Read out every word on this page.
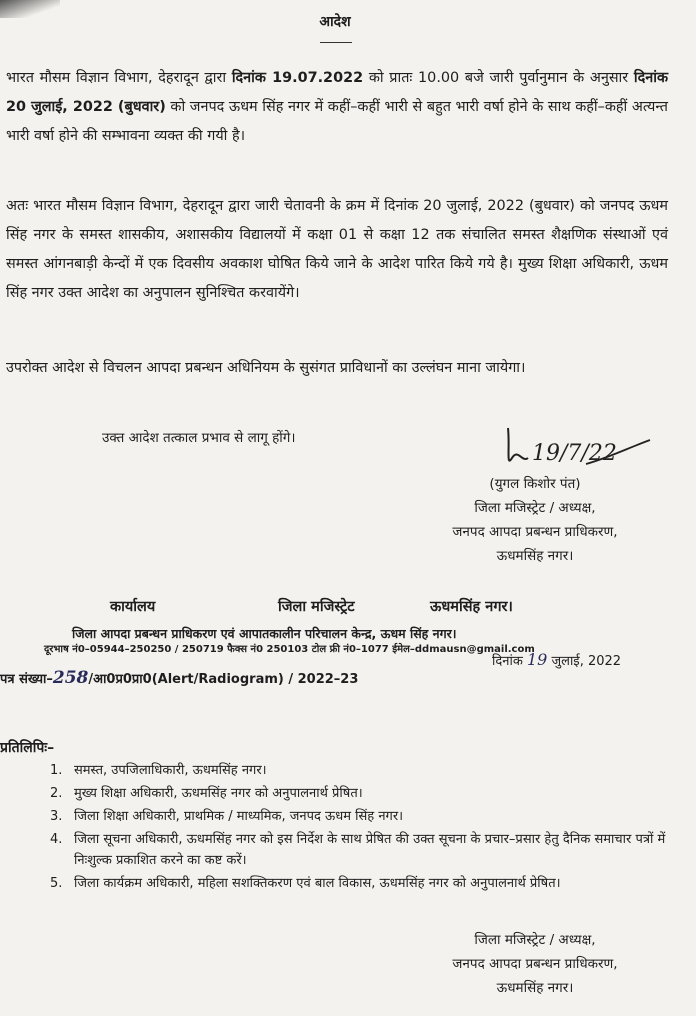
आदेश
भारत मौसम विज्ञान विभाग, देहरादून द्वारा दिनांक 19.07.2022 को प्रातः 10.00 बजे जारी पुर्वानुमान के अनुसार दिनांक 20 जुलाई, 2022 (बुधवार) को जनपद ऊधम सिंह नगर में कहीं–कहीं भारी से बहुत भारी वर्षा होने के साथ कहीं–कहीं अत्यन्त भारी वर्षा होने की सम्भावना व्यक्त की गयी है।
अतः भारत मौसम विज्ञान विभाग, देहरादून द्वारा जारी चेतावनी के क्रम में दिनांक 20 जुलाई, 2022 (बुधवार) को जनपद ऊधम सिंह नगर के समस्त शासकीय, अशासकीय विद्यालयों में कक्षा 01 से कक्षा 12 तक संचालित समस्त शैक्षणिक संस्थाओं एवं समस्त आंगनबाड़ी केन्दों में एक दिवसीय अवकाश घोषित किये जाने के आदेश पारित किये गये है। मुख्य शिक्षा अधिकारी, ऊधम सिंह नगर उक्त आदेश का अनुपालन सुनिश्चित करवायेंगे।
उपरोक्त आदेश से विचलन आपदा प्रबन्धन अधिनियम के सुसंगत प्राविधानों का उल्लंघन माना जायेगा।
उक्त आदेश तत्काल प्रभाव से लागू होंगे।
19/7/22
(युगल किशोर पंत)
जिला मजिस्ट्रेट / अध्यक्ष,
जनपद आपदा प्रबन्धन प्राधिकरण,
ऊधमसिंह नगर।
कार्यालय	जिला मजिस्ट्रेट	ऊधमसिंह नगर।
जिला आपदा प्रबन्धन प्राधिकरण एवं आपातकालीन परिचालन केन्द्र, ऊधम सिंह नगर।
दूरभाष नं0–05944–250250 / 250719 फैक्स नं0 250103 टोल फ्री नं0–1077 ईमेल–ddmausn@gmail.com
दिनांक 19 जुलाई, 2022
पत्र संख्या–258/आ0प्र0प्रा0(Alert/Radiogram) / 2022–23
प्रतिलिपिः–
1. समस्त, उपजिलाधिकारी, ऊधमसिंह नगर।
2. मुख्य शिक्षा अधिकारी, ऊधमसिंह नगर को अनुपालनार्थ प्रेषित।
3. जिला शिक्षा अधिकारी, प्राथमिक / माध्यमिक, जनपद ऊधम सिंह नगर।
4. जिला सूचना अधिकारी, ऊधमसिंह नगर को इस निर्देश के साथ प्रेषित की उक्त सूचना के प्रचार–प्रसार हेतु दैनिक समाचार पत्रों में निःशुल्क प्रकाशित करने का कष्ट करें।
5. जिला कार्यक्रम अधिकारी, महिला सशक्तिकरण एवं बाल विकास, ऊधमसिंह नगर को अनुपालनार्थ प्रेषित।
जिला मजिस्ट्रेट / अध्यक्ष,
जनपद आपदा प्रबन्धन प्राधिकरण,
ऊधमसिंह नगर।
